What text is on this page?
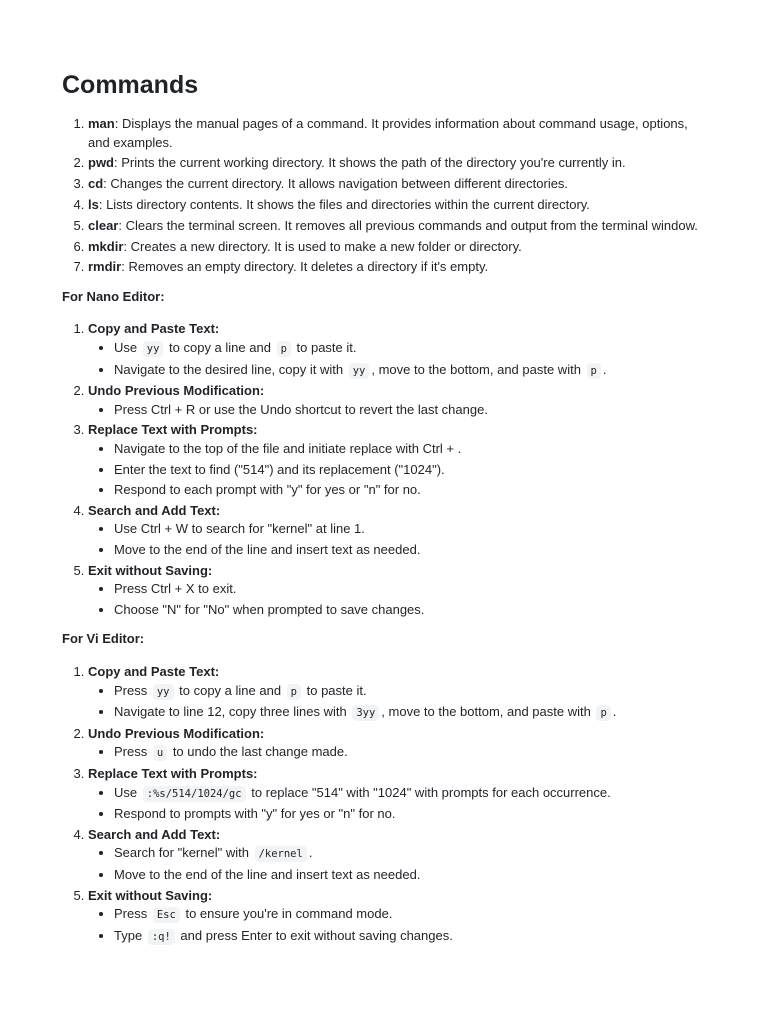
Commands
1. man: Displays the manual pages of a command. It provides information about command usage, options, and examples.
2. pwd: Prints the current working directory. It shows the path of the directory you're currently in.
3. cd: Changes the current directory. It allows navigation between different directories.
4. ls: Lists directory contents. It shows the files and directories within the current directory.
5. clear: Clears the terminal screen. It removes all previous commands and output from the terminal window.
6. mkdir: Creates a new directory. It is used to make a new folder or directory.
7. rmdir: Removes an empty directory. It deletes a directory if it's empty.

For Nano Editor:

1. Copy and Paste Text:
• Use yy to copy a line and p to paste it.
• Navigate to the desired line, copy it with yy , move to the bottom, and paste with p .
2. Undo Previous Modification:
• Press Ctrl + R or use the Undo shortcut to revert the last change.
3. Replace Text with Prompts:
• Navigate to the top of the file and initiate replace with Ctrl + .
• Enter the text to find ("514") and its replacement ("1024").
• Respond to each prompt with "y" for yes or "n" for no.
4. Search and Add Text:
• Use Ctrl + W to search for "kernel" at line 1.
• Move to the end of the line and insert text as needed.
5. Exit without Saving:
• Press Ctrl + X to exit.
• Choose "N" for "No" when prompted to save changes.

For Vi Editor:

1. Copy and Paste Text:
• Press yy to copy a line and p to paste it.
• Navigate to line 12, copy three lines with 3yy , move to the bottom, and paste with p .
2. Undo Previous Modification:
• Press u to undo the last change made.
3. Replace Text with Prompts:
• Use :%s/514/1024/gc to replace "514" with "1024" with prompts for each occurrence.
• Respond to prompts with "y" for yes or "n" for no.
4. Search and Add Text:
• Search for "kernel" with /kernel .
• Move to the end of the line and insert text as needed.
5. Exit without Saving:
• Press Esc to ensure you're in command mode.
• Type :q! and press Enter to exit without saving changes.
